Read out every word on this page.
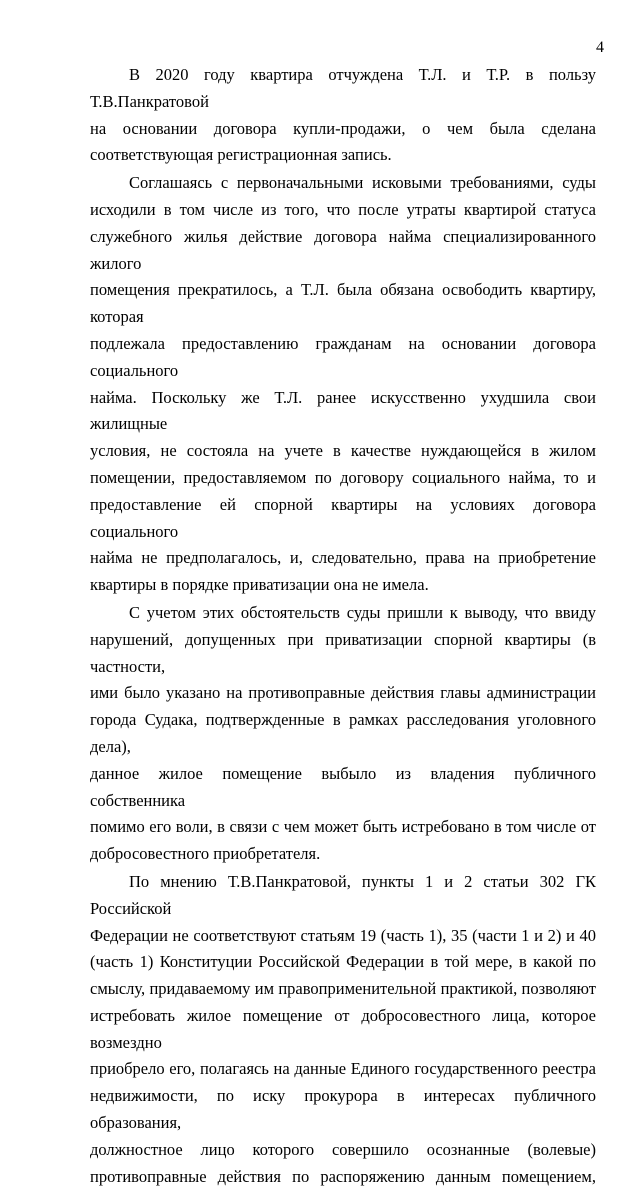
4

В 2020 году квартира отчуждена Т.Л. и Т.Р. в пользу Т.В.Панкратовой
на основании договора купли-продажи, о чем была сделана
соответствующая регистрационная запись.

Соглашаясь с первоначальными исковыми требованиями, суды
исходили в том числе из того, что после утраты квартирой статуса
служебного жилья действие договора найма специализированного жилого
помещения прекратилось, а Т.Л. была обязана освободить квартиру, которая
подлежала предоставлению гражданам на основании договора социального
найма. Поскольку же Т.Л. ранее искусственно ухудшила свои жилищные
условия, не состояла на учете в качестве нуждающейся в жилом
помещении, предоставляемом по договору социального найма, то и
предоставление ей спорной квартиры на условиях договора социального
найма не предполагалось, и, следовательно, права на приобретение
квартиры в порядке приватизации она не имела.

С учетом этих обстоятельств суды пришли к выводу, что ввиду
нарушений, допущенных при приватизации спорной квартиры (в частности,
ими было указано на противоправные действия главы администрации
города Судака, подтвержденные в рамках расследования уголовного дела),
данное жилое помещение выбыло из владения публичного собственника
помимо его воли, в связи с чем может быть истребовано в том числе от
добросовестного приобретателя.

По мнению Т.В.Панкратовой, пункты 1 и 2 статьи 302 ГК Российской
Федерации не соответствуют статьям 19 (часть 1), 35 (части 1 и 2) и 40
(часть 1) Конституции Российской Федерации в той мере, в какой по
смыслу, придаваемому им правоприменительной практикой, позволяют
истребовать жилое помещение от добросовестного лица, которое возмездно
приобрело его, полагаясь на данные Единого государственного реестра
недвижимости, по иску прокурора в интересах публичного образования,
должностное лицо которого совершило осознанные (волевые)
противоправные действия по распоряжению данным помещением,
